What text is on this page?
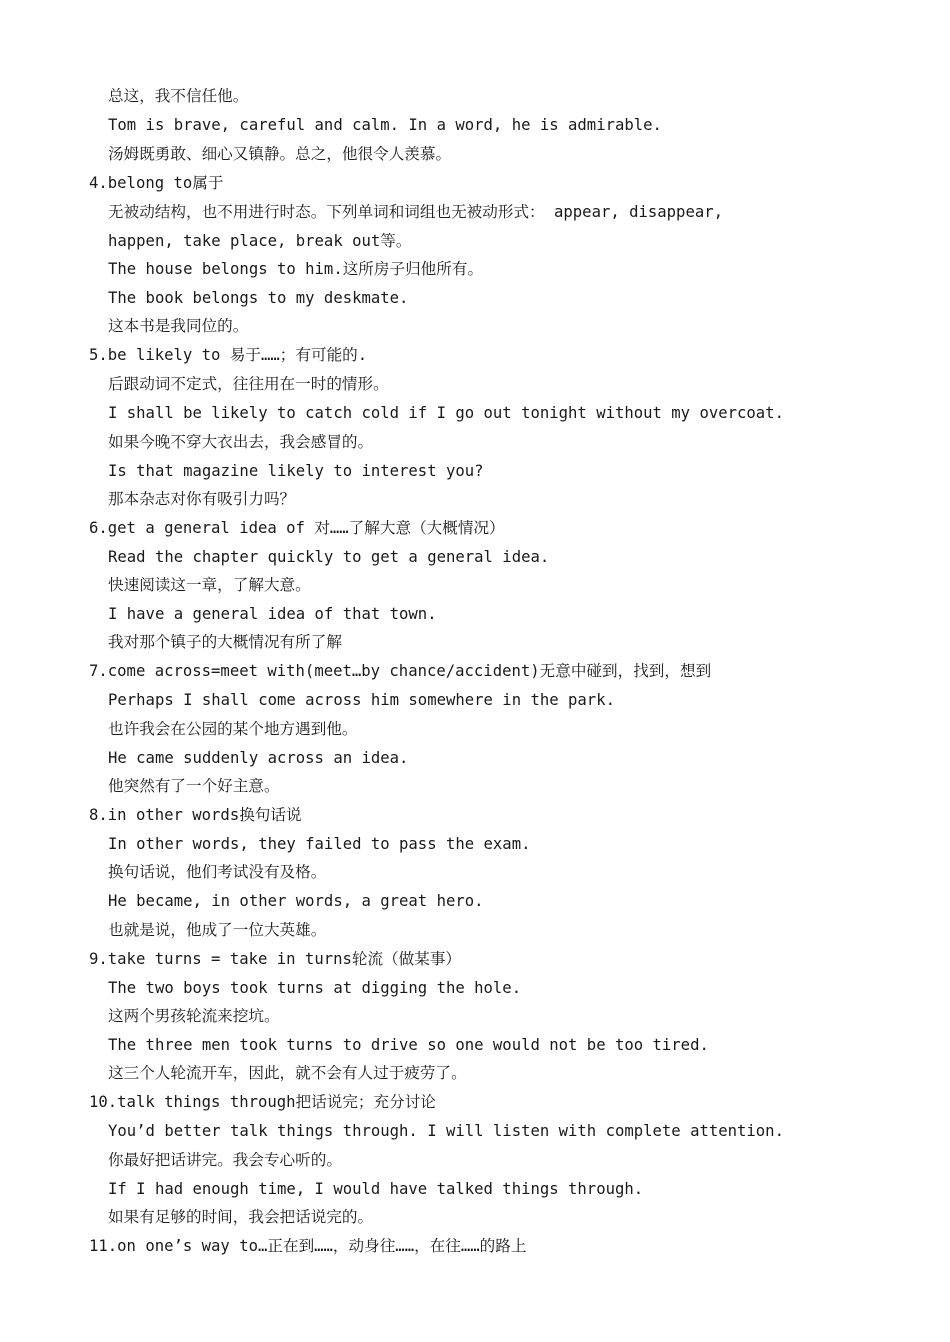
总这，我不信任他。
Tom is brave, careful and calm. In a word, he is admirable.
汤姆既勇敢、细心又镇静。总之，他很令人羡慕。
4.belong to属于
无被动结构，也不用进行时态。下列单词和词组也无被动形式： appear, disappear,
happen, take place, break out等。
The house belongs to him.这所房子归他所有。
The book belongs to my deskmate.
这本书是我同位的。
5.be likely to 易于……；有可能的.
后跟动词不定式，往往用在一时的情形。
I shall be likely to catch cold if I go out tonight without my overcoat.
如果今晚不穿大衣出去，我会感冒的。
Is that magazine likely to interest you?
那本杂志对你有吸引力吗？
6.get a general idea of 对……了解大意（大概情况）
Read the chapter quickly to get a general idea.
快速阅读这一章，了解大意。
I have a general idea of that town.
我对那个镇子的大概情况有所了解
7.come across=meet with(meet…by chance/accident)无意中碰到，找到，想到
Perhaps I shall come across him somewhere in the park.
也许我会在公园的某个地方遇到他。
He came suddenly across an idea.
他突然有了一个好主意。
8.in other words换句话说
In other words, they failed to pass the exam.
换句话说，他们考试没有及格。
He became, in other words, a great hero.
也就是说，他成了一位大英雄。
9.take turns = take in turns轮流（做某事）
The two boys took turns at digging the hole.
这两个男孩轮流来挖坑。
The three men took turns to drive so one would not be too tired.
这三个人轮流开车，因此，就不会有人过于疲劳了。
10.talk things through把话说完；充分讨论
You’d better talk things through. I will listen with complete attention.
你最好把话讲完。我会专心听的。
If I had enough time, I would have talked things through.
如果有足够的时间，我会把话说完的。
11.on one’s way to…正在到……，动身往……，在往……的路上
